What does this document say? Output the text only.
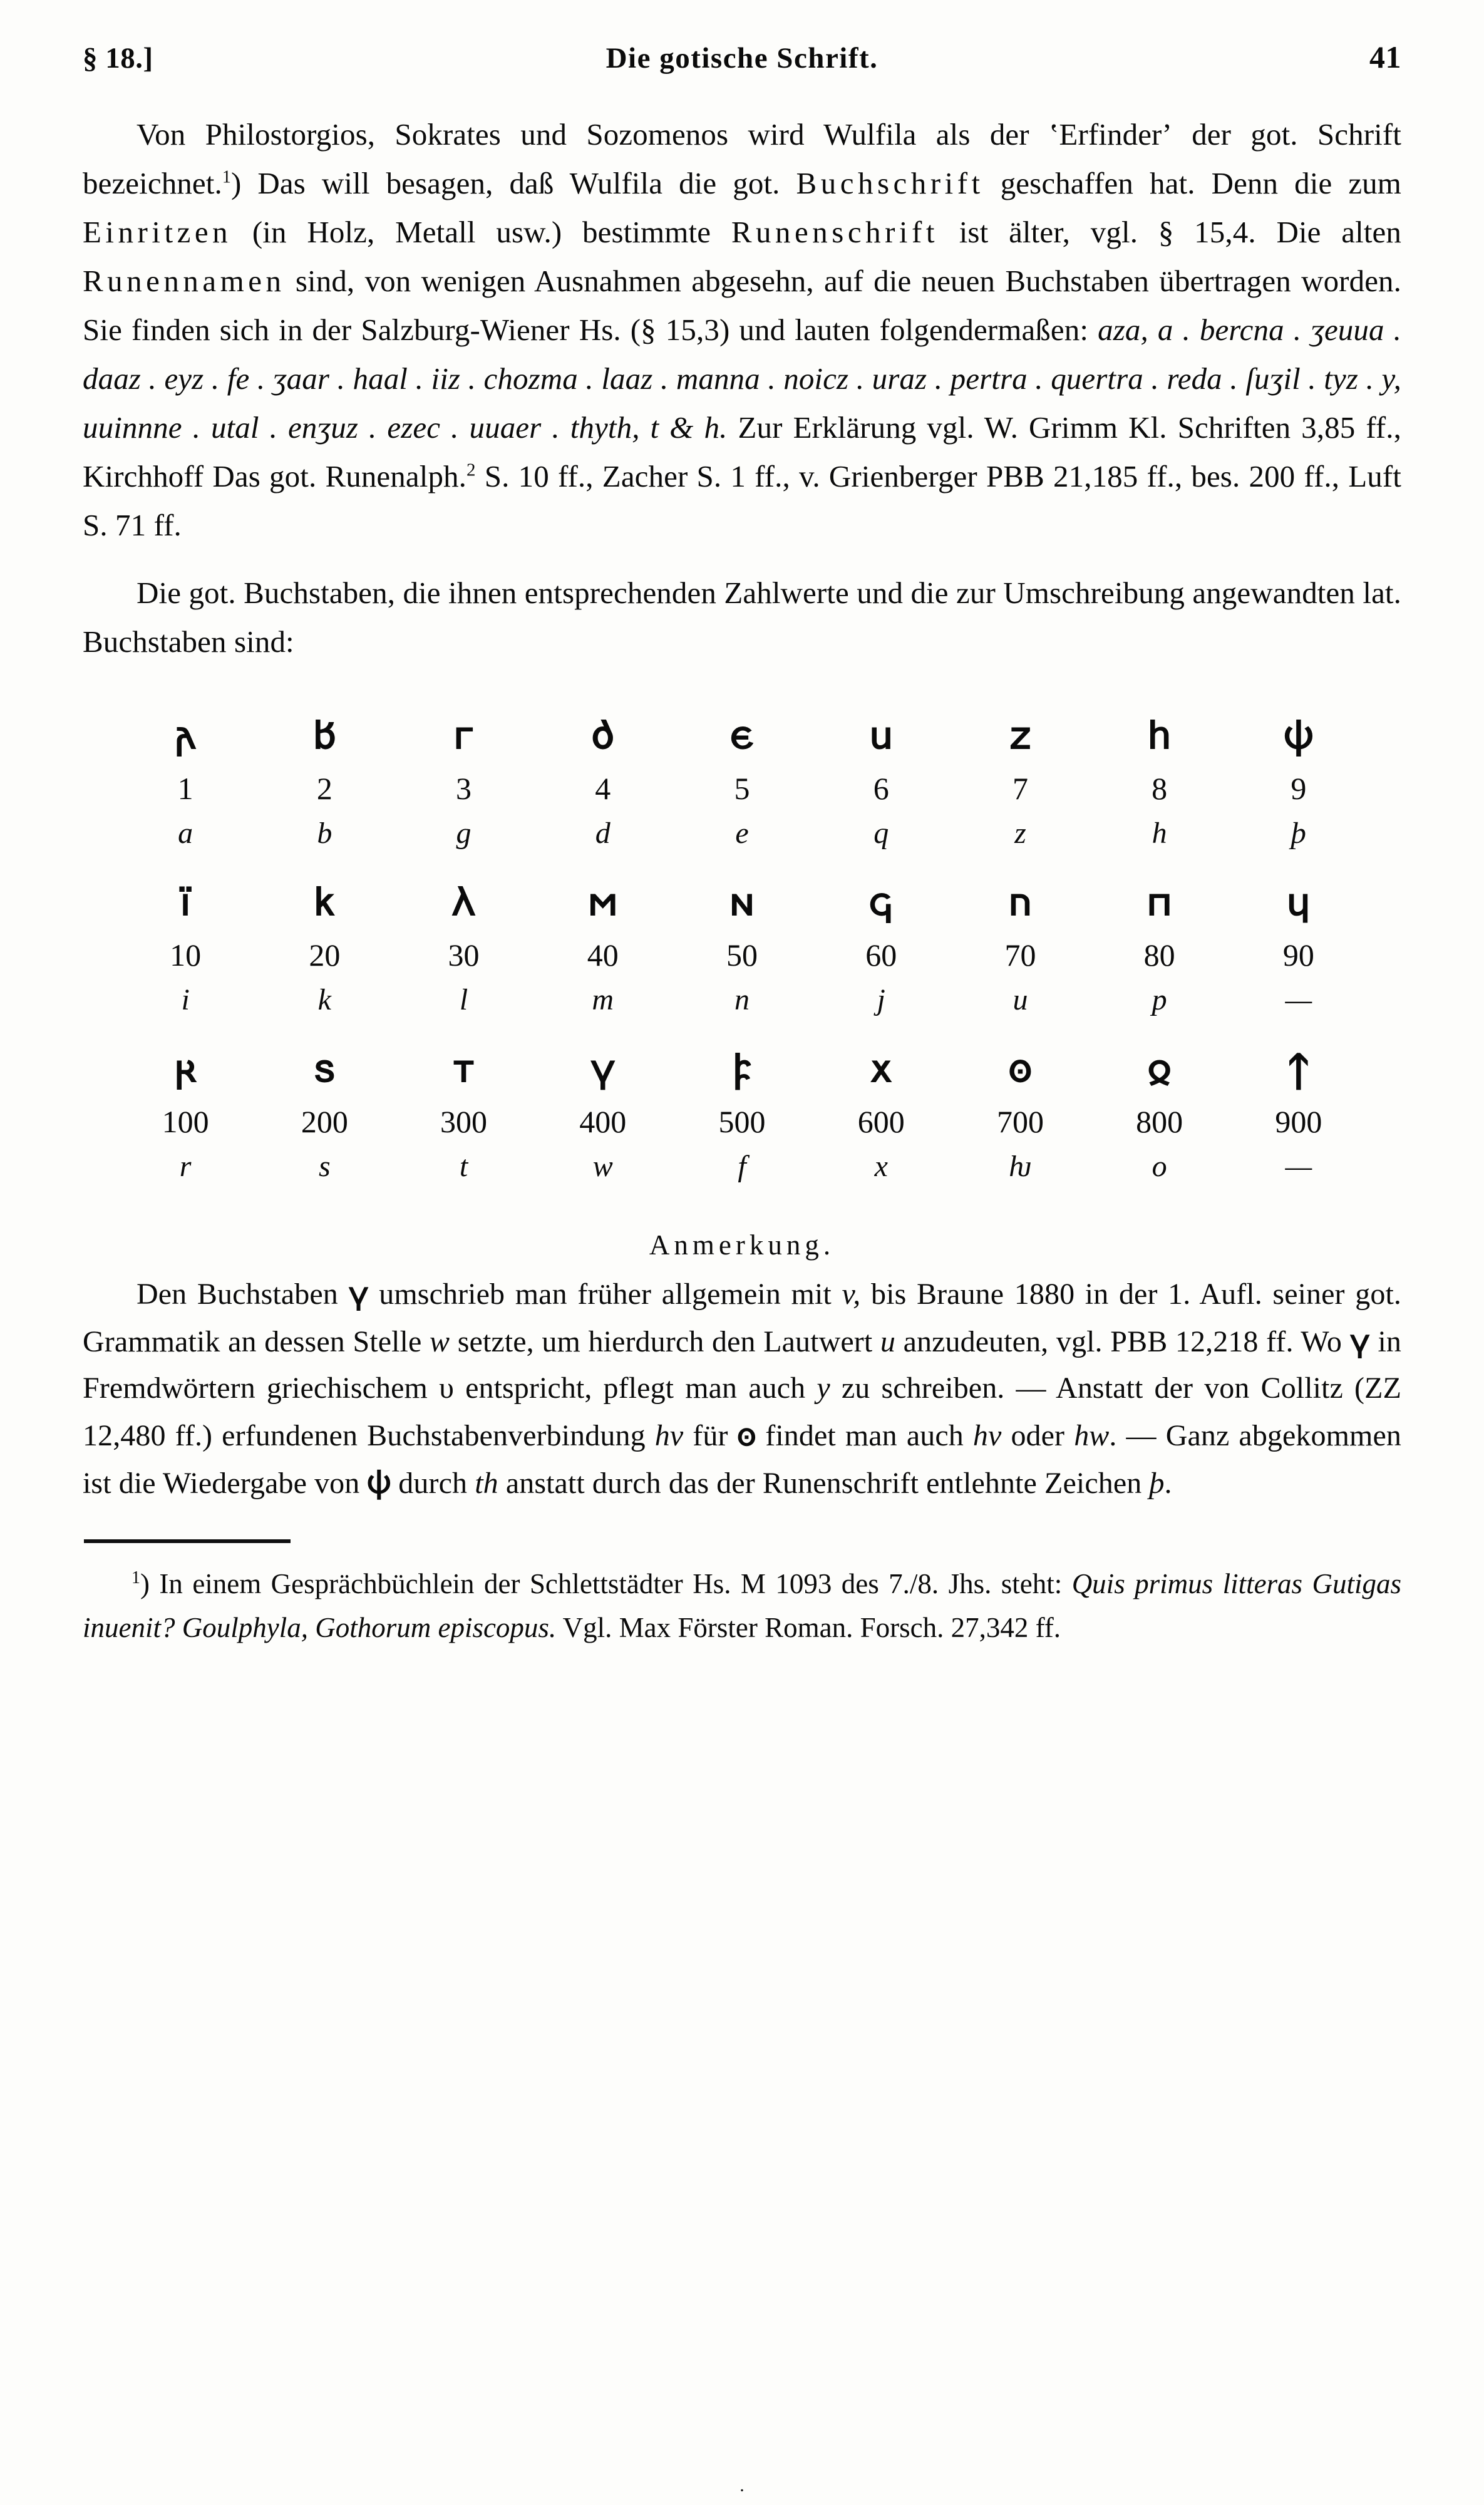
§ 18.]	Die gotische Schrift.	41

Von Philostorgios, Sokrates und Sozomenos wird Wulfila als der ʽErfinderʼ der got. Schrift bezeichnet.$^1$) Das will besagen, daß Wulfila die got. Buchschrift geschaffen hat. Denn die zum Einritzen (in Holz, Metall usw.) bestimmte Runenschrift ist älter, vgl. § 15,4. Die alten Runennamen sind, von wenigen Ausnahmen abgesehn, auf die neuen Buchstaben übertragen worden. Sie finden sich in der Salzburg-Wiener Hs. (§ 15,3) und lauten folgendermaßen: aza, a . bercna . ʒeuua . daaz . eyz . fe . ʒaar . haal . iiz . chozma . laaz . manna . noicz . uraz . pertra . quertra . reda . ſuʒil . tyz . y, uuinnne . utal . enʒuz . ezec . uuaer . thyth, t & h. Zur Erklärung vgl. W. Grimm Kl. Schriften 3,85 ff., Kirchhoff Das got. Runenalph.$^2$ S. 10 ff., Zacher S. 1 ff., v. Grienberger PBB 21,185 ff., bes. 200 ff., Luft S. 71 ff.

Die got. Buchstaben, die ihnen entsprechenden Zahlwerte und die zur Umschreibung angewandten lat. Buchstaben sind:

𐌰	𐌱	𐌲	𐌳	𐌴	𐌵	𐌶	𐌷	𐌸
1	2	3	4	5	6	7	8	9
a	b	g	d	e	q	z	h	þ
𐌹̈	𐌺	𐌻	𐌼	𐌽	𐌾	𐌿	𐍀	𐍁
10	20	30	40	50	60	70	80	90
i	k	l	m	n	j	u	p	—
𐍂	𐍃	𐍄	𐍅	𐍆	𐍇	𐍈	𐍉	𐍊
100	200	300	400	500	600	700	800	900
r	s	t	w	f	x	ƕ	o	—
Anmerkung.

Den Buchstaben 𐍅 umschrieb man früher allgemein mit v, bis Braune 1880 in der 1. Aufl. seiner got. Grammatik an dessen Stelle w setzte, um hierdurch den Lautwert u anzudeuten, vgl. PBB 12,218 ff. Wo 𐍅 in Fremdwörtern griechischem υ entspricht, pflegt man auch y zu schreiben. — Anstatt der von Collitz (ZZ 12,480 ff.) erfundenen Buchstabenverbindung hv für 𐍈 findet man auch hv oder hw. — Ganz abgekommen ist die Wiedergabe von 𐌸 durch th anstatt durch das der Runenschrift entlehnte Zeichen þ.

$^1$) In einem Gesprächbüchlein der Schlettstädter Hs. M 1093 des 7./8. Jhs. steht: Quis primus litteras Gutigas inuenit? Goulphyla, Gothorum episcopus. Vgl. Max Förster Roman. Forsch. 27,342 ff.

.
